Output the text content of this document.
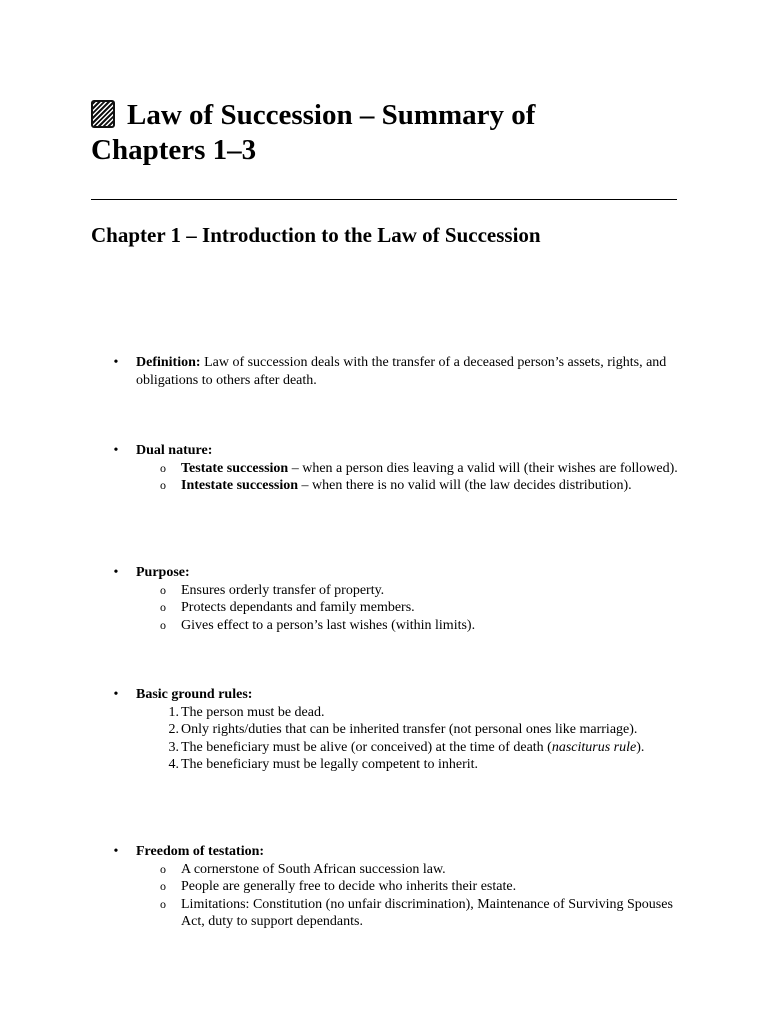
Law of Succession – Summary of
Chapters 1–3
Chapter 1 – Introduction to the Law of Succession
• Definition: Law of succession deals with the transfer of a deceased person’s assets, rights, and obligations to others after death.
• Dual nature:
o	Testate succession – when a person dies leaving a valid will (their wishes are followed).
o	Intestate succession – when there is no valid will (the law decides distribution).
• Purpose:
o	Ensures orderly transfer of property.
o	Protects dependants and family members.
o	Gives effect to a person’s last wishes (within limits).
• Basic ground rules:
1. The person must be dead.
2. Only rights/duties that can be inherited transfer (not personal ones like marriage).
3. The beneficiary must be alive (or conceived) at the time of death (nasciturus rule).
4. The beneficiary must be legally competent to inherit.
• Freedom of testation:
o	A cornerstone of South African succession law.
o	People are generally free to decide who inherits their estate.
o	Limitations: Constitution (no unfair discrimination), Maintenance of Surviving Spouses Act, duty to support dependants.
